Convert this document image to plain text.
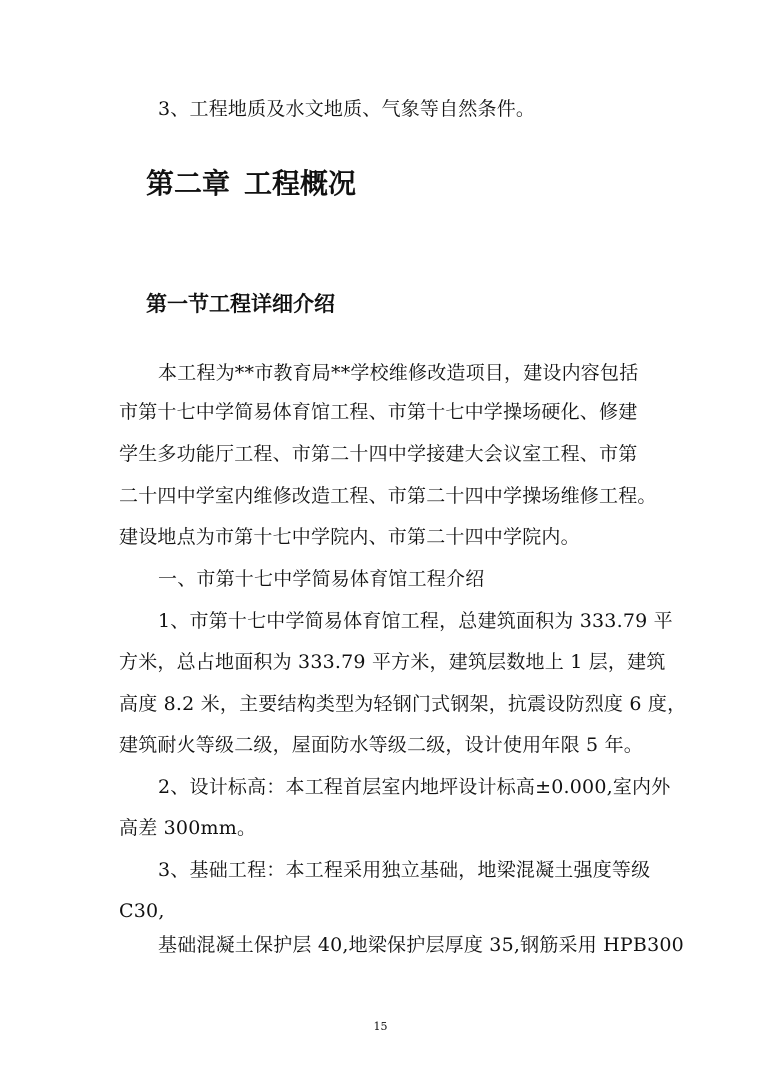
3、工程地质及水文地质、气象等自然条件。
第二章 工程概况
第一节工程详细介绍
本工程为**市教育局**学校维修改造项目，建设内容包括
市第十七中学简易体育馆工程、市第十七中学操场硬化、修建
学生多功能厅工程、市第二十四中学接建大会议室工程、市第
二十四中学室内维修改造工程、市第二十四中学操场维修工程。
建设地点为市第十七中学院内、市第二十四中学院内。
一、市第十七中学简易体育馆工程介绍
1、市第十七中学简易体育馆工程，总建筑面积为 333.79 平
方米，总占地面积为 333.79 平方米，建筑层数地上 1 层，建筑
高度 8.2 米，主要结构类型为轻钢门式钢架，抗震设防烈度 6 度，
建筑耐火等级二级，屋面防水等级二级，设计使用年限 5 年。
2、设计标高：本工程首层室内地坪设计标高±0.000,室内外
高差 300mm。
3、基础工程：本工程采用独立基础，地梁混凝土强度等级
C30,
基础混凝土保护层 40,地梁保护层厚度 35,钢筋采用 HPB300
15
